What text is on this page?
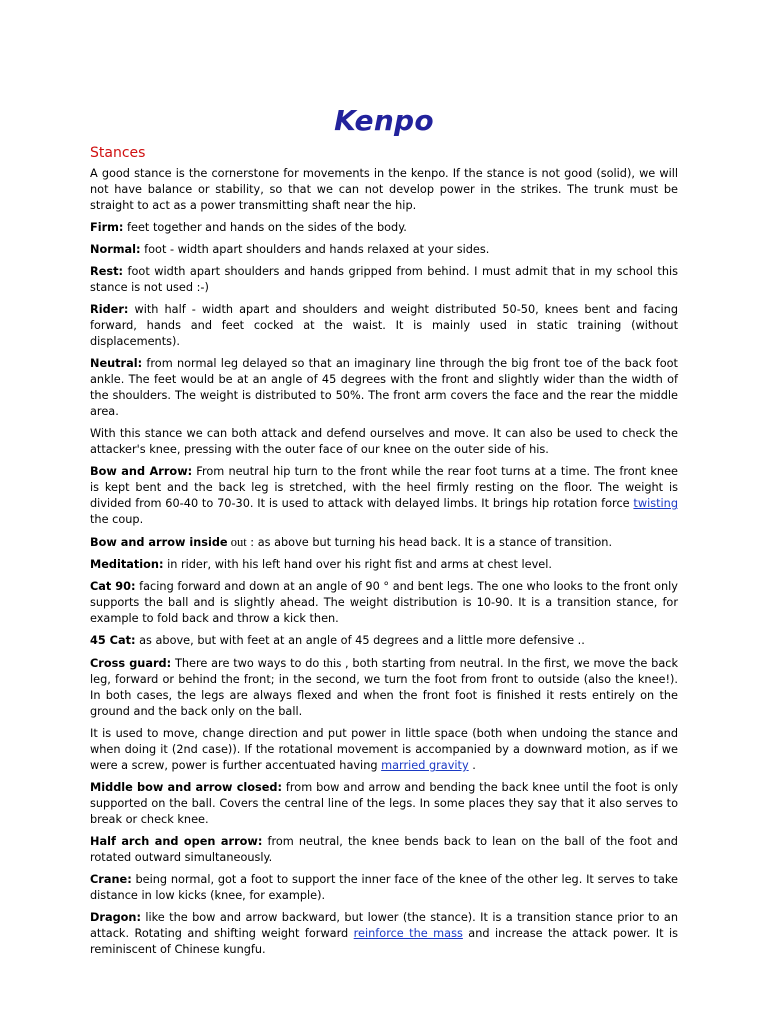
Kenpo
Stances

A good stance is the cornerstone for movements in the kenpo. If the stance is not good (solid), we will not have balance or stability, so that we can not develop power in the strikes. The trunk must be straight to act as a power transmitting shaft near the hip.

Firm: feet together and hands on the sides of the body.

Normal: foot - width apart shoulders and hands relaxed at your sides.

Rest: foot width apart shoulders and hands gripped from behind. I must admit that in my school this stance is not used :-)

Rider: with half - width apart and shoulders and weight distributed 50-50, knees bent and facing forward, hands and feet cocked at the waist. It is mainly used in static training (without displacements).

Neutral: from normal leg delayed so that an imaginary line through the big front toe of the back foot ankle. The feet would be at an angle of 45 degrees with the front and slightly wider than the width of the shoulders. The weight is distributed to 50%. The front arm covers the face and the rear the middle area.

With this stance we can both attack and defend ourselves and move. It can also be used to check the attacker's knee, pressing with the outer face of our knee on the outer side of his.

Bow and Arrow: From neutral hip turn to the front while the rear foot turns at a time. The front knee is kept bent and the back leg is stretched, with the heel firmly resting on the floor. The weight is divided from 60-40 to 70-30. It is used to attack with delayed limbs. It brings hip rotation force twisting the coup.

Bow and arrow inside out : as above but turning his head back. It is a stance of transition.

Meditation: in rider, with his left hand over his right fist and arms at chest level.

Cat 90: facing forward and down at an angle of 90 ° and bent legs. The one who looks to the front only supports the ball and is slightly ahead. The weight distribution is 10-90. It is a transition stance, for example to fold back and throw a kick then.

45 Cat: as above, but with feet at an angle of 45 degrees and a little more defensive ..

Cross guard: There are two ways to do this , both starting from neutral. In the first, we move the back leg, forward or behind the front; in the second, we turn the foot from front to outside (also the knee!). In both cases, the legs are always flexed and when the front foot is finished it rests entirely on the ground and the back only on the ball.

It is used to move, change direction and put power in little space (both when undoing the stance and when doing it (2nd case)). If the rotational movement is accompanied by a downward motion, as if we were a screw, power is further accentuated having married gravity .

Middle bow and arrow closed: from bow and arrow and bending the back knee until the foot is only supported on the ball. Covers the central line of the legs. In some places they say that it also serves to break or check knee.

Half arch and open arrow: from neutral, the knee bends back to lean on the ball of the foot and rotated outward simultaneously.

Crane: being normal, got a foot to support the inner face of the knee of the other leg. It serves to take distance in low kicks (knee, for example).

Dragon: like the bow and arrow backward, but lower (the stance). It is a transition stance prior to an attack. Rotating and shifting weight forward reinforce the mass and increase the attack power. It is reminiscent of Chinese kungfu.
